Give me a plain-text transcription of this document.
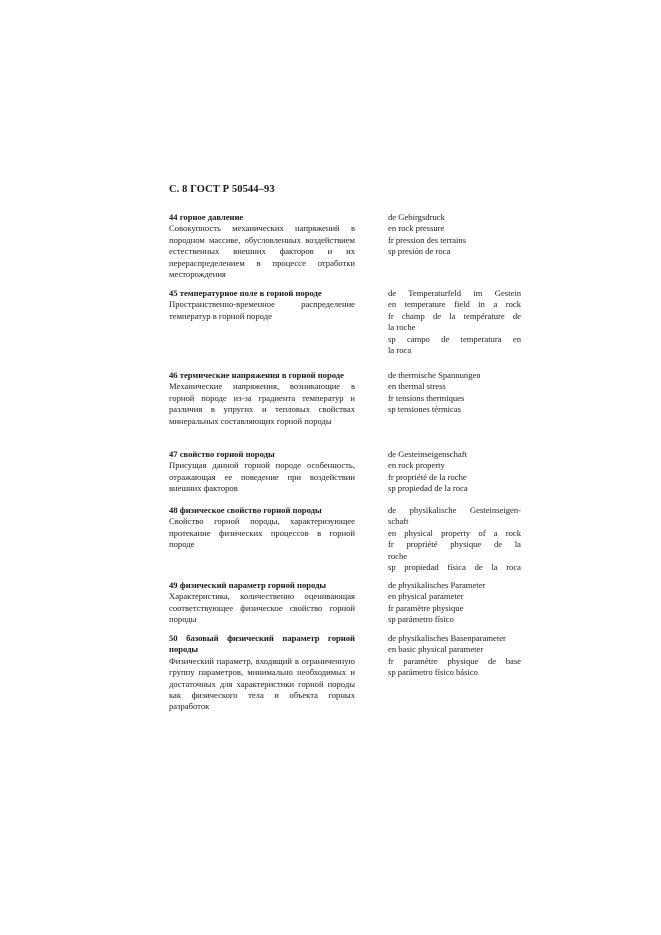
С. 8 ГОСТ Р 50544–93
44 горное давление
Совокупность механических напряжений в породном массиве, обусловленных воздействием естественных внешних факторов и их перераспределением в процессе отработки месторождения
de Gebirgsdruck
en rock pressure
fr pression des terrains
sp presión de roca
45 температурное поле в горной породе
Пространственно-временное распределение температур в горной породе
de Temperaturfeld im Gestein
en temperature field in a rock
fr champ de la température de
la roche
sp campo de temperatura en
la roca
46 термические напряжения в горной породе
Механические напряжения, возникающие в горной породе из-за градиента температур и различия в упругих и тепловых свойствах минеральных составляющих горной породы
de thermische Spannungen
en thermal stress
fr tensions thermiques
sp tensiones térmicas
47 свойство горной породы
Присущая данной горной породе особенность, отражающая ее поведение при воздействии внешних факторов
de Gesteinseigenschaft
en rock property
fr propriété de la roche
sp propiedad de la roca
48 физическое свойство горной породы
Свойство горной породы, характеризующее протекание физических процессов в горной породе
de physikalische Gesteinseigen-
schaft
en physical property of a rock
fr propriété physique de la
roche
sp propiedad física de la roca
49 физический параметр горной породы
Характеристика, количественно оценивающая соответствующее физическое свойство горной породы
de physikalisches Parameter
en physical parameter
fr paramètre physique
sp parámetro físico
50 базовый физический параметр горной породы
Физический параметр, входящий в ограниченную группу параметров, минимально необходимых и достаточных для характеристики горной породы как физического тела и объекта горных разработок
de physikalisches Basenparameter
en basic physical parameter
fr paramètre physique de base
sp parámetro físico básico
